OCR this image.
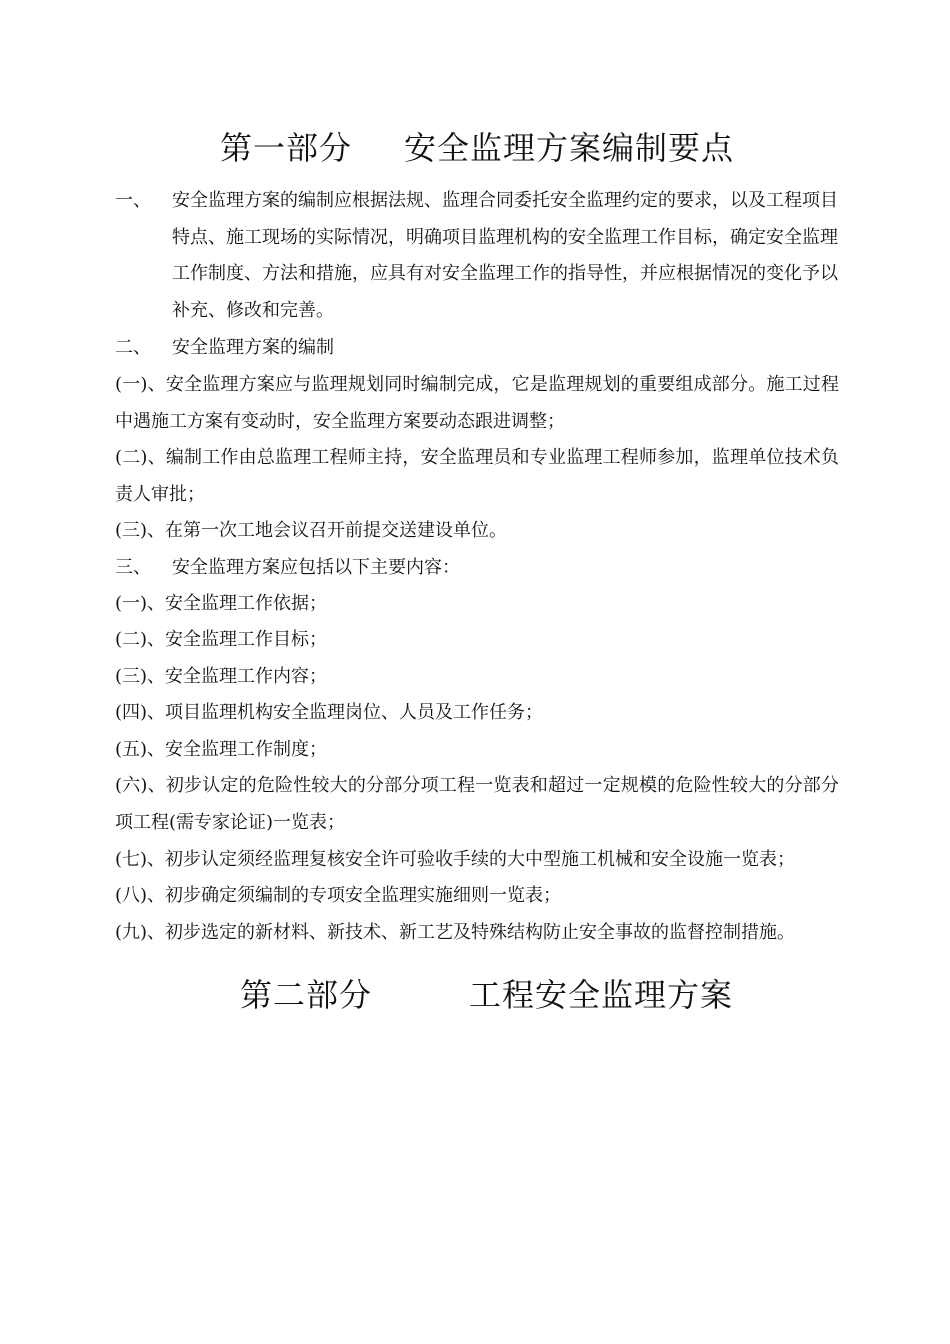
第一部分 安全监理方案编制要点
一、 安全监理方案的编制应根据法规、监理合同委托安全监理约定的要求，以及工程项目特点、施工现场的实际情况，明确项目监理机构的安全监理工作目标，确定安全监理工作制度、方法和措施，应具有对安全监理工作的指导性，并应根据情况的变化予以补充、修改和完善。
二、 安全监理方案的编制
(一)、安全监理方案应与监理规划同时编制完成，它是监理规划的重要组成部分。施工过程中遇施工方案有变动时，安全监理方案要动态跟进调整；
(二)、编制工作由总监理工程师主持，安全监理员和专业监理工程师参加，监理单位技术负责人审批；
(三)、在第一次工地会议召开前提交送建设单位。
三、 安全监理方案应包括以下主要内容：
(一)、安全监理工作依据；
(二)、安全监理工作目标；
(三)、安全监理工作内容；
(四)、项目监理机构安全监理岗位、人员及工作任务；
(五)、安全监理工作制度；
(六)、初步认定的危险性较大的分部分项工程一览表和超过一定规模的危险性较大的分部分项工程(需专家论证)一览表；
(七)、初步认定须经监理复核安全许可验收手续的大中型施工机械和安全设施一览表；
(八)、初步确定须编制的专项安全监理实施细则一览表；
(九)、初步选定的新材料、新技术、新工艺及特殊结构防止安全事故的监督控制措施。
第二部分	工程安全监理方案
